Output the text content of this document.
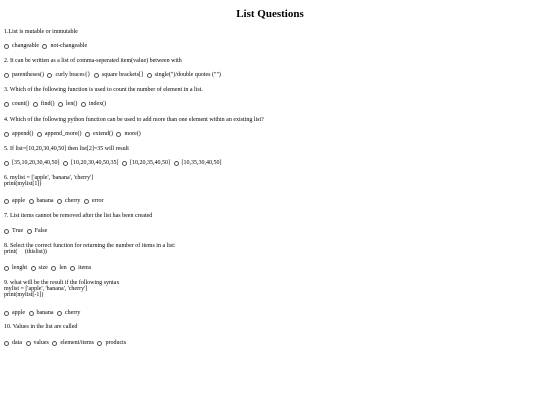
List Questions

1.List is mutable or immutable

changeable
not-changeable

2. It can be written as a list of comma-seperated item(value) between with

parentheses()
curly braces{}
square brackets[]
single(")/double quotes ("")

3. Which of the following function is used to count the number of element in a list.

count()
find()
len()
index()

4. Which of the following python function can be used to add more than one element within an existing list?

append()
append_more()
extend()
more()

5. If list=[10,20,30,40,50] then list[2]=35 will result

[35,10,20,30,40,50]
[10,20,30,40,50,35]
[10,20,35,40,50]
[10,35,30,40,50]

6. mylist = ['apple', 'banana', 'cherry']
print(mylist[1])

apple
banana
cherry
error

7. List items cannot be removed after the list has been created

True
False

8. Select the correct function for returning the number of items in a list:
print(     (thislist))

lenght
size
len
items

9. what will be the result if the following syntax
mylist = ['apple', 'banana', 'cherry']
print(mylist[-1])

apple
banana
cherry

10. Values in the list are called

data
values
element/items
products
